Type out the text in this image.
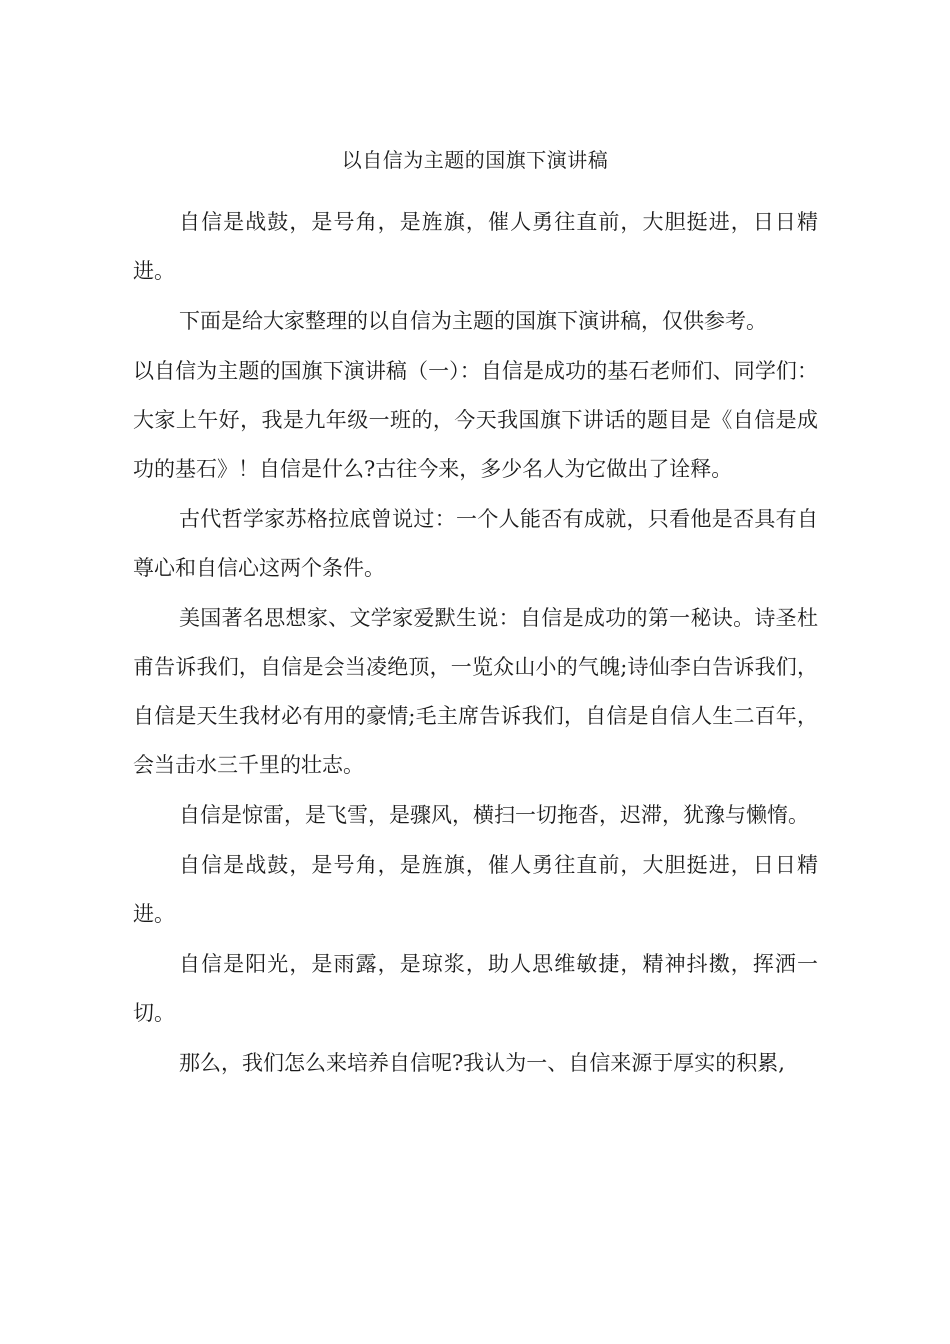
以自信为主题的国旗下演讲稿

自信是战鼓，是号角，是旌旗，催人勇往直前，大胆挺进，日日精进。

下面是给大家整理的以自信为主题的国旗下演讲稿，仅供参考。

以自信为主题的国旗下演讲稿（一）：自信是成功的基石老师们、同学们：大家上午好，我是九年级一班的，今天我国旗下讲话的题目是《自信是成功的基石》！自信是什么?古往今来，多少名人为它做出了诠释。

古代哲学家苏格拉底曾说过：一个人能否有成就，只看他是否具有自尊心和自信心这两个条件。

美国著名思想家、文学家爱默生说：自信是成功的第一秘诀。诗圣杜甫告诉我们，自信是会当凌绝顶，一览众山小的气魄;诗仙李白告诉我们，自信是天生我材必有用的豪情;毛主席告诉我们，自信是自信人生二百年，会当击水三千里的壮志。

自信是惊雷，是飞雪，是骤风，横扫一切拖沓，迟滞，犹豫与懒惰。

自信是战鼓，是号角，是旌旗，催人勇往直前，大胆挺进，日日精进。

自信是阳光，是雨露，是琼浆，助人思维敏捷，精神抖擞，挥洒一切。

那么，我们怎么来培养自信呢?我认为一、自信来源于厚实的积累,
